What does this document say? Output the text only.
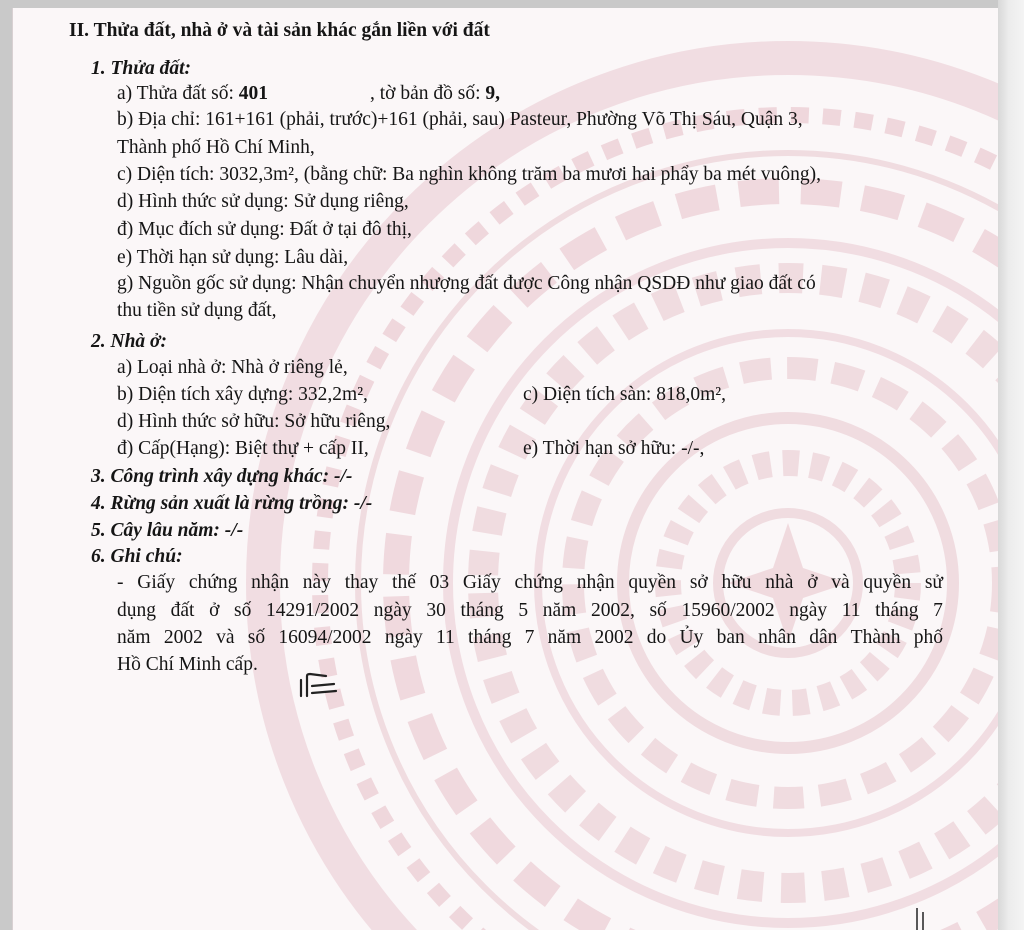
II. Thửa đất, nhà ở và tài sản khác gắn liền với đất
1. Thửa đất:
a) Thửa đất số: 401	, tờ bản đồ số: 9,
b) Địa chỉ: 161+161 (phải, trước)+161 (phải, sau) Pasteur, Phường Võ Thị Sáu, Quận 3,
Thành phố Hồ Chí Minh,
c) Diện tích: 3032,3m², (bằng chữ: Ba nghìn không trăm ba mươi hai phẩy ba mét vuông),
d) Hình thức sử dụng: Sử dụng riêng,
đ) Mục đích sử dụng: Đất ở tại đô thị,
e) Thời hạn sử dụng: Lâu dài,
g) Nguồn gốc sử dụng: Nhận chuyển nhượng đất được Công nhận QSDĐ như giao đất có
thu tiền sử dụng đất,
2. Nhà ở:
a) Loại nhà ở: Nhà ở riêng lẻ,
b) Diện tích xây dựng: 332,2m²,	c) Diện tích sàn: 818,0m²,
d) Hình thức sở hữu: Sở hữu riêng,
đ) Cấp(Hạng): Biệt thự + cấp II,	e) Thời hạn sở hữu: -/-,
3. Công trình xây dựng khác: -/-
4. Rừng sản xuất là rừng trồng: -/-
5. Cây lâu năm: -/-
6. Ghi chú:
- Giấy chứng nhận này thay thế 03 Giấy chứng nhận quyền sở hữu nhà ở và quyền sử
dụng đất ở số 14291/2002 ngày 30 tháng 5 năm 2002, số 15960/2002 ngày 11 tháng 7
năm 2002 và số 16094/2002 ngày 11 tháng 7 năm 2002 do Ủy ban nhân dân Thành phố
Hồ Chí Minh cấp.
